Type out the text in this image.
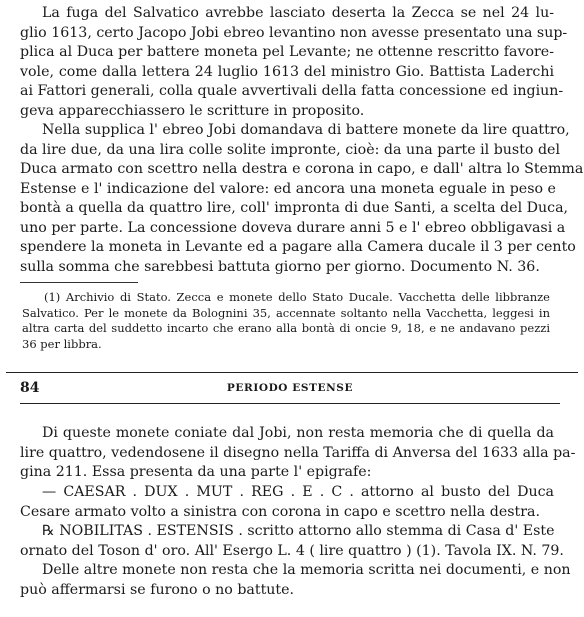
La fuga del Salvatico avrebbe lasciato deserta la Zecca se nel 24 lu-
glio 1613, certo Jacopo Jobi ebreo levantino non avesse presentato una sup-
plica al Duca per battere moneta pel Levante; ne ottenne rescritto favore-
vole, come dalla lettera 24 luglio 1613 del ministro Gio. Battista Laderchi
ai Fattori generali, colla quale avvertivali della fatta concessione ed ingiun-
geva apparecchiassero le scritture in proposito.
Nella supplica l' ebreo Jobi domandava di battere monete da lire quattro,
da lire due, da una lira colle solite impronte, cioè: da una parte il busto del
Duca armato con scettro nella destra e corona in capo, e dall' altra lo Stemma
Estense e l' indicazione del valore: ed ancora una moneta eguale in peso e
bontà a quella da quattro lire, coll' impronta di due Santi, a scelta del Duca,
uno per parte. La concessione doveva durare anni 5 e l' ebreo obbligavasi a
spendere la moneta in Levante ed a pagare alla Camera ducale il 3 per cento
sulla somma che sarebbesi battuta giorno per giorno. Documento N. 36.
(1) Archivio di Stato. Zecca e monete dello Stato Ducale. Vacchetta delle libbranze
Salvatico. Per le monete da Bolognini 35, accennate soltanto nella Vacchetta, leggesi in
altra carta del suddetto incarto che erano alla bontà di oncie 9, 18, e ne andavano pezzi
36 per libbra.
84	PERIODO ESTENSE
Di queste monete coniate dal Jobi, non resta memoria che di quella da
lire quattro, vedendosene il disegno nella Tariffa di Anversa del 1633 alla pa-
gina 211. Essa presenta da una parte l' epigrafe:
— CAESAR . DUX . MUT . REG . E . C . attorno al busto del Duca
Cesare armato volto a sinistra con corona in capo e scettro nella destra.
℞ NOBILITAS . ESTENSIS . scritto attorno allo stemma di Casa d' Este
ornato del Toson d' oro. All' Esergo L. 4 ( lire quattro ) (1). Tavola IX. N. 79.
Delle altre monete non resta che la memoria scritta nei documenti, e non
può affermarsi se furono o no battute.
